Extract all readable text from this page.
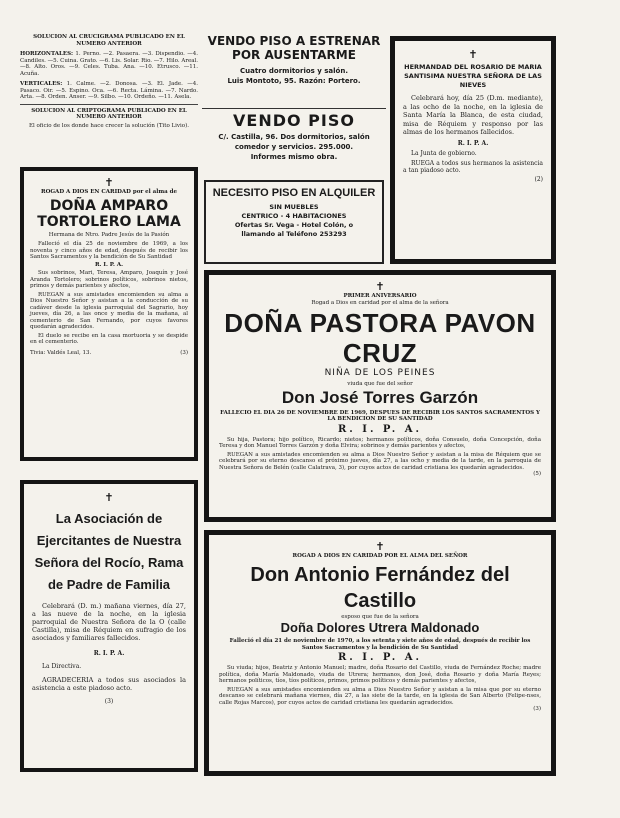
SOLUCION AL CRUCIGRAMA PUBLICADO EN EL NUMERO ANTERIOR

HORIZONTALES: 1. Perno. —2. Pasaera. —3. Dispendio. —4. Candiles. —5. Cuina. Grato. —6. Lis. Solar. Rio. —7. Hilo. Areal. —8. Alto. Oros. —9. Celes. Tuba. Ana. —10. Etrusco. —11. Acuña.

VERTICALES: 1. Calme. —2. Donosa. —3. El. Jade. —4. Pasaco. Oir. —5. Espino. Oca. —6. Recta. Lámina. —7. Nardo. Arta. —8. Orden. Anser. —9. Silbo. —10. Ordeño. —11. Asela.

SOLUCION AL CRIPTOGRAMA PUBLICADO EN EL NUMERO ANTERIOR

El oficio de los donde hace crecer la solución (Tito Livio).

✝

ROGAD A DIOS EN CARIDAD por el alma de

DOÑA AMPARO TORTOLERO LAMA

Hermana de Ntro. Padre Jesús de la Pasión

Falleció el día 25 de noviembre de 1969, a los noventa y cinco años de edad, después de recibir los Santos Sacramentos y la bendición de Su Santidad

R. I. P. A.

Sus sobrinos, Mari, Teresa, Amparo, Joaquín y José Aranda Tortolero; sobrinos políticos, sobrinos nietos, primos y demás parientes y afectos,

RUEGAN a sus amistades encomienden su alma a Dios Nuestro Señor y asistan a la conducción de su cadáver desde la iglesia parroquial del Sagrario, hoy jueves, día 26, a las once y media de la mañana, al cementerio de San Fernando, por cuyos favores quedarán agradecidos.

El duelo se recibe en la casa mortuoria y se despide en el cementerio.

Tivia: Valdés Leal, 13.	(3)
✝

La Asociación de Ejercitantes de Nuestra Señora del Rocío, Rama de Padre de Familia

Celebrará (D. m.) mañana viernes, día 27, a las nueve de la noche, en la iglesia parroquial de Nuestra Señora de la O (calle Castilla), misa de Réquiem en sufragio de los asociados y familiares fallecidos.

R. I. P. A.

La Directiva.

AGRADECERIA a todos sus asociados la asistencia a este piadoso acto.

(3)

VENDO PISO A ESTRENAR

POR AUSENTARME

Cuatro dormitorios y salón.

Luis Montoto, 95. Razón: Portero.

VENDO PISO

C/. Castilla, 96. Dos dormitorios, salón comedor y servicios. 295.000.

Informes mismo obra.

NECESITO PISO EN ALQUILER

SIN MUEBLES

CENTRICO - 4 HABITACIONES

Ofertas Sr. Vega - Hotel Colón, o

llamando al Teléfono 253293

✝

HERMANDAD DEL ROSARIO DE MARIA SANTISIMA NUESTRA SEÑORA DE LAS NIEVES

Celebrará hoy, día 25 (D.m. mediante), a las ocho de la noche, en la iglesia de Santa María la Blanca, de esta ciudad, misa de Réquiem y responso por las almas de los hermanos fallecidos.

R. I. P. A.

La Junta de gobierno.

RUEGA a todos sus hermanos la asistencia a tan piadoso acto.

(2)

✝

PRIMER ANIVERSARIO

Rogad a Dios en caridad por el alma de la señora

DOÑA PASTORA PAVON CRUZ

NIÑA DE LOS PEINES

viuda que fue del señor

Don José Torres Garzón

FALLECIO EL DIA 26 DE NOVIEMBRE DE 1969, DESPUES DE RECIBIR LOS SANTOS SACRAMENTOS Y LA BENDICION DE SU SANTIDAD

R. I. P. A.

Su hija, Pastora; hijo político, Ricardo; nietos; hermanos políticos, doña Consuelo, doña Concepción, doña Teresa y don Manuel Torres Garzón y doña Elvira; sobrinos y demás parientes y afectos,

RUEGAN a sus amistades encomienden su alma a Dios Nuestro Señor y asistan a la misa de Réquiem que se celebrará por su eterno descanso el próximo jueves, día 27, a las ocho y media de la tarde, en la parroquia de Nuestra Señora de Belén (calle Calatrava, 3), por cuyos actos de caridad cristiana les quedarán agradecidos.

(5)

✝

ROGAD A DIOS EN CARIDAD POR EL ALMA DEL SEÑOR

Don Antonio Fernández del Castillo

esposo que fue de la señora

Doña Dolores Utrera Maldonado

Falleció el día 21 de noviembre de 1970, a los setenta y siete años de edad, después de recibir los Santos Sacramentos y la bendición de Su Santidad

R. I. P. A.

Su viuda; hijos, Beatriz y Antonio Manuel; madre, doña Rosario del Castillo, viuda de Fernández Roche; madre política, doña María Maldonado, viuda de Utrera; hermanos, don José, doña Rosario y doña María Reyes; hermanos políticos, tíos, tíos políticos, primos, primos políticos y demás parientes y afectos,

RUEGAN a sus amistades encomienden su alma a Dios Nuestro Señor y asistan a la misa que por su eterno descanso se celebrará mañana viernes, día 27, a las siete de la tarde, en la iglesia de San Alberto (Felipe-nses, calle Rojas Marcos), por cuyos actos de caridad cristiana les quedarán agradecidos.

(3)
